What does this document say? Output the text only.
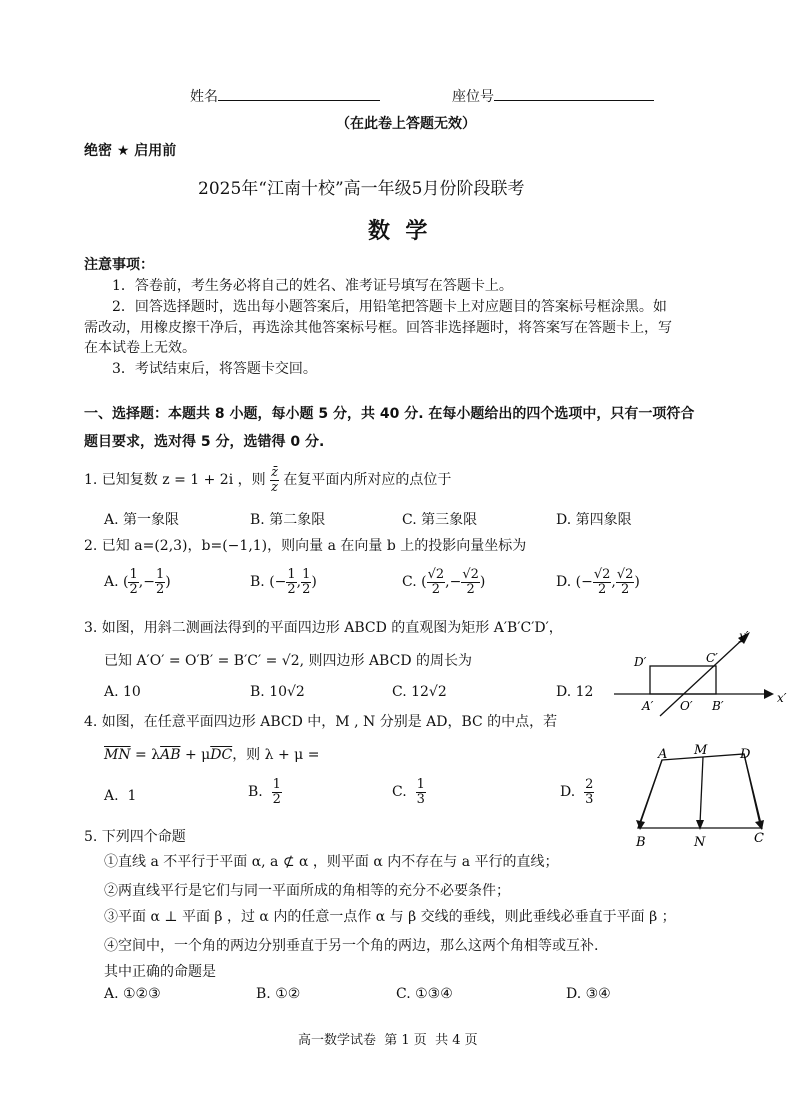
姓名	座位号
（在此卷上答题无效）
绝密 ★ 启用前
2025年“江南十校”高一年级5月份阶段联考
数  学
注意事项：
1．答卷前，考生务必将自己的姓名、准考证号填写在答题卡上。
2．回答选择题时，选出每小题答案后，用铅笔把答题卡上对应题目的答案标号框涂黑。如
需改动，用橡皮擦干净后，再选涂其他答案标号框。回答非选择题时，将答案写在答题卡上，写
在本试卷上无效。
3．考试结束后，将答题卡交回。
一、选择题：本题共 8 小题，每小题 5 分，共 40 分. 在每小题给出的四个选项中，只有一项符合
题目要求，选对得 5 分，选错得 0 分.
1. 已知复数 z = 1 + 2i ，则 $\frac{z̄}{z}$ 在复平面内所对应的点位于
A. 第一象限	B. 第二象限	C. 第三象限	D. 第四象限
2. 已知 a=(2,3)，b=(−1,1)，则向量 a 在向量 b 上的投影向量坐标为
A. ( $\frac{1}{2}$ ,− $\frac{1}{2}$ )	B. (− $\frac{1}{2}$ , $\frac{1}{2}$ )	C. ( $\frac{√2}{2}$ ,− $\frac{√2}{2}$ )	D. (− $\frac{√2}{2}$ , $\frac{√2}{2}$ )
3. 如图，用斜二测画法得到的平面四边形 ABCD 的直观图为矩形 A′B′C′D′，
已知 A′O′ = O′B′ = B′C′ = √2, 则四边形 ABCD 的周长为
A. 10	B. 10√2	C. 12√2	D. 12
y′
x′
D′	C′
A′ O′ B′
4. 如图，在任意平面四边形 ABCD 中，M , N 分别是 AD，BC 的中点，若
$\overline{MN} = \lambda\overline{AB} + \mu\overline{DC}$，则 λ + μ =
A. 1	B. $\frac{1}{2}$	C. $\frac{1}{3}$	D. $\frac{2}{3}$
A M	D
B	N	C
5. 下列四个命题
①直线 a 不平行于平面 α, a ⊄ α ，则平面 α 内不存在与 a 平行的直线；
②两直线平行是它们与同一平面所成的角相等的充分不必要条件；
③平面 α ⊥ 平面 β ，过 α 内的任意一点作 α 与 β 交线的垂线，则此垂线必垂直于平面 β ；
④空间中，一个角的两边分别垂直于另一个角的两边，那么这两个角相等或互补.
其中正确的命题是
A. ①②③	B. ①②	C. ①③④	D. ③④
高一数学试卷  第 1 页  共 4 页
